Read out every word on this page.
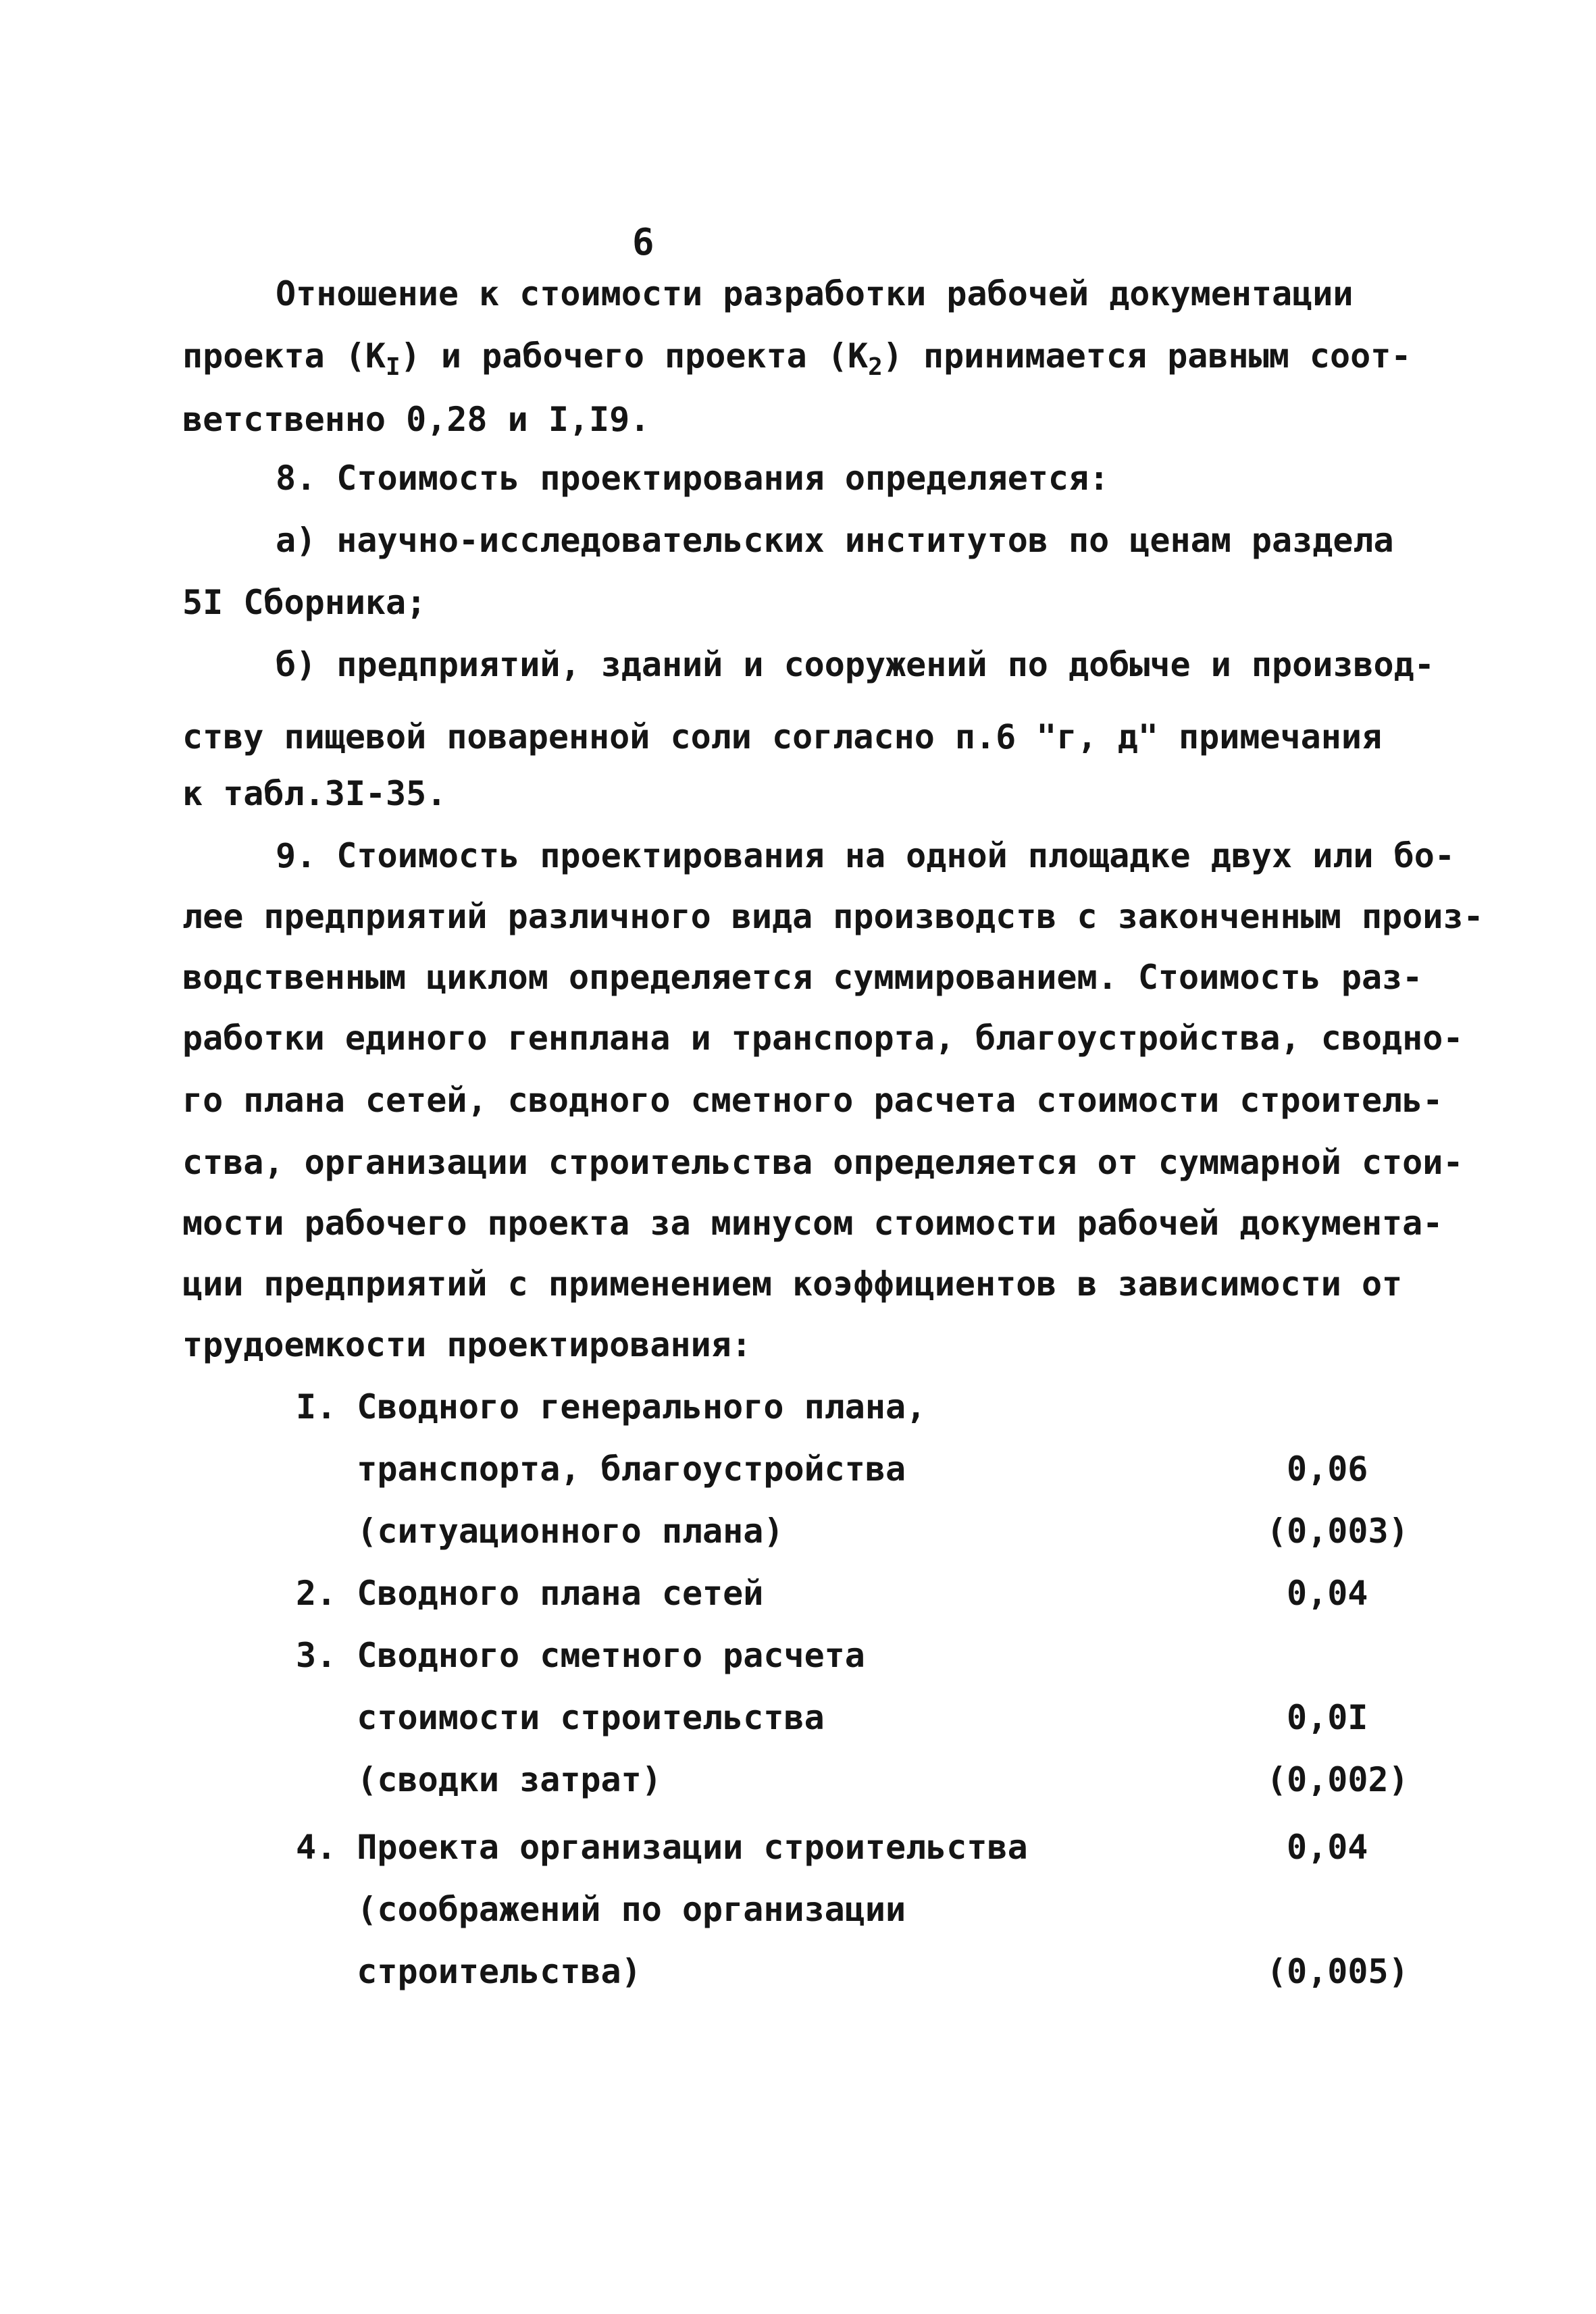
6
Отношение к стоимости разработки рабочей документации
проекта $(К_I)$ и рабочего проекта $(К_2)$ принимается равным соот-
ветственно 0,28 и I,I9.
8. Стоимость проектирования определяется:
а) научно-исследовательских институтов по ценам раздела
5I Сборника;
б) предприятий, зданий и сооружений по добыче и производ-
ству пищевой поваренной соли согласно п.6 "г, д" примечания
к табл.3I-35.
9. Стоимость проектирования на одной площадке двух или бо-
лее предприятий различного вида производств с законченным произ-
водственным циклом определяется суммированием. Стоимость раз-
работки единого генплана и транспорта, благоустройства, сводно-
го плана сетей, сводного сметного расчета стоимости строитель-
ства, организации строительства определяется от суммарной стои-
мости рабочего проекта за минусом стоимости рабочей документа-
ции предприятий с применением коэффициентов в зависимости от
трудоемкости проектирования:
I. Сводного генерального плана,
транспорта, благоустройства	0,06
(ситуационного плана)	(0,003)
2. Сводного плана сетей	0,04
3. Сводного сметного расчета
стоимости строительства	0,0I
(сводки затрат)	(0,002)
4. Проекта организации строительства	0,04
(соображений по организации
строительства)	(0,005)
